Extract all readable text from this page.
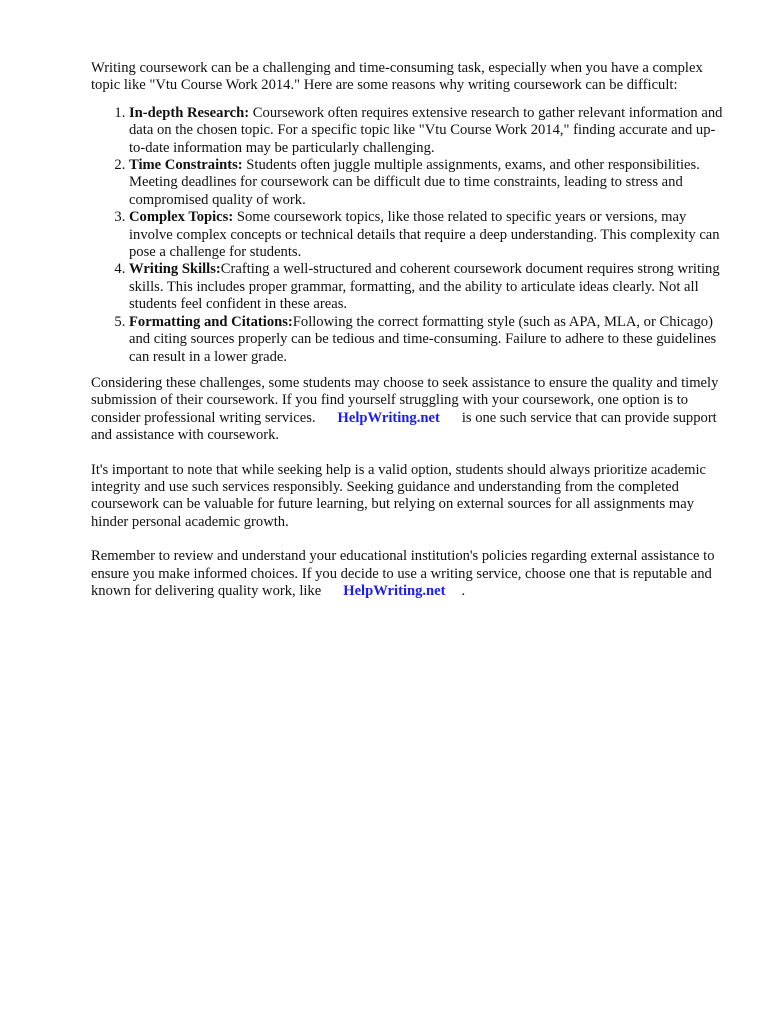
Writing coursework can be a challenging and time-consuming task, especially when you have a complex topic like "Vtu Course Work 2014." Here are some reasons why writing coursework can be difficult:

1. In-depth Research: Coursework often requires extensive research to gather relevant information and data on the chosen topic. For a specific topic like "Vtu Course Work 2014," finding accurate and up-to-date information may be particularly challenging.
2. Time Constraints: Students often juggle multiple assignments, exams, and other responsibilities. Meeting deadlines for coursework can be difficult due to time constraints, leading to stress and compromised quality of work.
3. Complex Topics: Some coursework topics, like those related to specific years or versions, may involve complex concepts or technical details that require a deep understanding. This complexity can pose a challenge for students.
4. Writing Skills:Crafting a well-structured and coherent coursework document requires strong writing skills. This includes proper grammar, formatting, and the ability to articulate ideas clearly. Not all students feel confident in these areas.
5. Formatting and Citations:Following the correct formatting style (such as APA, MLA, or Chicago) and citing sources properly can be tedious and time-consuming. Failure to adhere to these guidelines can result in a lower grade.

Considering these challenges, some students may choose to seek assistance to ensure the quality and timely submission of their coursework. If you find yourself struggling with your coursework, one option is to consider professional writing services. HelpWriting.net is one such service that can provide support and assistance with coursework.

It's important to note that while seeking help is a valid option, students should always prioritize academic integrity and use such services responsibly. Seeking guidance and understanding from the completed coursework can be valuable for future learning, but relying on external sources for all assignments may hinder personal academic growth.

Remember to review and understand your educational institution's policies regarding external assistance to ensure you make informed choices. If you decide to use a writing service, choose one that is reputable and known for delivering quality work, like HelpWriting.net .
